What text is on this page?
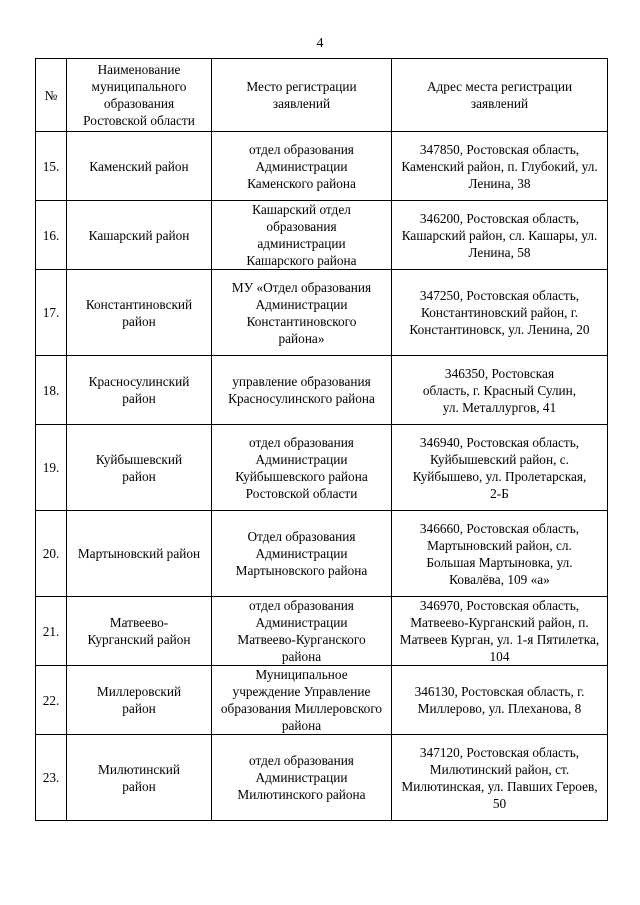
4
№	Наименование муниципального образования Ростовской области	Место регистрации заявлений	Адрес места регистрации заявлений
15.	Каменский район	отдел образования Администрации Каменского района	347850, Ростовская область, Каменский район, п. Глубокий, ул. Ленина, 38
16.	Кашарский район	Кашарский отдел образования администрации Кашарского района	346200, Ростовская область, Кашарский район, сл. Кашары, ул. Ленина, 58
17.	Константиновский район	МУ «Отдел образования Администрации Константиновского района»	347250, Ростовская область, Константиновский район, г. Константиновск, ул. Ленина, 20
18.	Красносулинский район	управление образования Красносулинского района	346350, Ростовская область, г. Красный Сулин, ул. Металлургов, 41
19.	Куйбышевский район	отдел образования Администрации Куйбышевского района Ростовской области	346940, Ростовская область, Куйбышевский район, с. Куйбышево, ул. Пролетарская, 2-Б
20.	Мартыновский район	Отдел образования Администрации Мартыновского района	346660, Ростовская область, Мартыновский район, сл. Большая Мартыновка, ул. Ковалёва, 109 «а»
21.	Матвеево-Курганский район	отдел образования Администрации Матвеево-Курганского района	346970, Ростовская область, Матвеево-Курганский район, п. Матвеев Курган, ул. 1-я Пятилетка, 104
22.	Миллеровский район	Муниципальное учреждение Управление образования Миллеровского района	346130, Ростовская область, г. Миллерово, ул. Плеханова, 8
23.	Милютинский район	отдел образования Администрации Милютинского района	347120, Ростовская область, Милютинский район, ст. Милютинская, ул. Павших Героев, 50
